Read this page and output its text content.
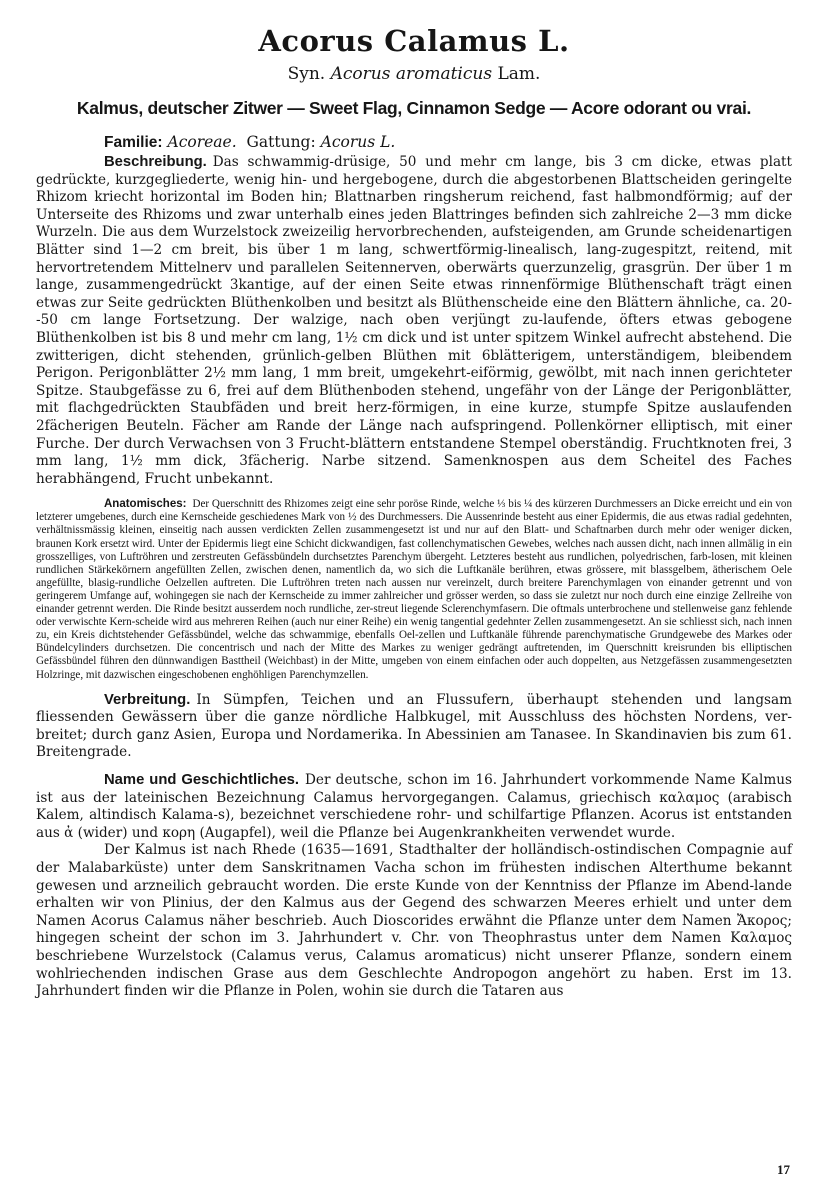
Acorus Calamus L.

Syn. Acorus aromaticus Lam.

Kalmus, deutscher Zitwer — Sweet Flag, Cinnamon Sedge — Acore odorant ou vrai.

Familie: Acoreae. Gattung: Acorus L.

Beschreibung. Das schwammig-drüsige, 50 und mehr cm lange, bis 3 cm dicke, etwas platt gedrückte, kurzgegliederte, wenig hin- und hergebogene, durch die abgestorbenen Blattscheiden geringelte Rhizom kriecht horizontal im Boden hin; Blattnarben ringsherum reichend, fast halbmondförmig; auf der Unterseite des Rhizoms und zwar unterhalb eines jeden Blattringes befinden sich zahlreiche 2—3 mm dicke Wurzeln. Die aus dem Wurzelstock zweizeilig hervorbrechenden, aufsteigenden, am Grunde scheidenartigen Blätter sind 1—2 cm breit, bis über 1 m lang, schwertförmig-linealisch, lang-zugespitzt, reitend, mit hervortretendem Mittelnerv und parallelen Seitennerven, oberwärts querzunzelig, grasgrün. Der über 1 m lange, zusammengedrückt 3kantige, auf der einen Seite etwas rinnenförmige Blüthenschaft trägt einen etwas zur Seite gedrückten Blüthenkolben und besitzt als Blüthenscheide eine den Blättern ähnliche, ca. 20--50 cm lange Fortsetzung. Der walzige, nach oben verjüngt zu-laufende, öfters etwas gebogene Blüthenkolben ist bis 8 und mehr cm lang, 1½ cm dick und ist unter spitzem Winkel aufrecht abstehend. Die zwitterigen, dicht stehenden, grünlich-gelben Blüthen mit 6blätterigem, unterständigem, bleibendem Perigon. Perigonblätter 2½ mm lang, 1 mm breit, umgekehrt-eiförmig, gewölbt, mit nach innen gerichteter Spitze. Staubgefässe zu 6, frei auf dem Blüthenboden stehend, ungefähr von der Länge der Perigonblätter, mit flachgedrückten Staubfäden und breit herz-förmigen, in eine kurze, stumpfe Spitze auslaufenden 2fächerigen Beuteln. Fächer am Rande der Länge nach aufspringend. Pollenkörner elliptisch, mit einer Furche. Der durch Verwachsen von 3 Frucht-blättern entstandene Stempel oberständig. Fruchtknoten frei, 3 mm lang, 1½ mm dick, 3fächerig. Narbe sitzend. Samenknospen aus dem Scheitel des Faches herabhängend, Frucht unbekannt.

Anatomisches: Der Querschnitt des Rhizomes zeigt eine sehr poröse Rinde, welche ⅓ bis ¼ des kürzeren Durchmessers an Dicke erreicht und ein von letzterer umgebenes, durch eine Kernscheide geschiedenes Mark von ½ des Durchmessers. Die Aussenrinde besteht aus einer Epidermis, die aus etwas radial gedehnten, verhältnissmässig kleinen, einseitig nach aussen verdickten Zellen zusammengesetzt ist und nur auf den Blatt- und Schaftnarben durch mehr oder weniger dicken, braunen Kork ersetzt wird. Unter der Epidermis liegt eine Schicht dickwandigen, fast collenchymatischen Gewebes, welches nach aussen dicht, nach innen allmälig in ein grosszelliges, von Luftröhren und zerstreuten Gefässbündeln durchsetztes Parenchym übergeht. Letzteres besteht aus rundlichen, polyedrischen, farb-losen, mit kleinen rundlichen Stärkekörnern angefüllten Zellen, zwischen denen, namentlich da, wo sich die Luftkanäle berühren, etwas grössere, mit blassgelbem, ätherischem Oele angefüllte, blasig-rundliche Oelzellen auftreten. Die Luftröhren treten nach aussen nur vereinzelt, durch breitere Parenchymlagen von einander getrennt und von geringerem Umfange auf, wohingegen sie nach der Kernscheide zu immer zahlreicher und grösser werden, so dass sie zuletzt nur noch durch eine einzige Zellreihe von einander getrennt werden. Die Rinde besitzt ausserdem noch rundliche, zer-streut liegende Sclerenchymfasern. Die oftmals unterbrochene und stellenweise ganz fehlende oder verwischte Kern-scheide wird aus mehreren Reihen (auch nur einer Reihe) ein wenig tangential gedehnter Zellen zusammengesetzt. An sie schliesst sich, nach innen zu, ein Kreis dichtstehender Gefässbündel, welche das schwammige, ebenfalls Oel-zellen und Luftkanäle führende parenchymatische Grundgewebe des Markes oder Bündelcylinders durchsetzen. Die concentrisch und nach der Mitte des Markes zu weniger gedrängt auftretenden, im Querschnitt kreisrunden bis elliptischen Gefässbündel führen den dünnwandigen Basttheil (Weichbast) in der Mitte, umgeben von einem einfachen oder auch doppelten, aus Netzgefässen zusammengesetzten Holzringe, mit dazwischen eingeschobenen enghöhligen Parenchymzellen.

Verbreitung. In Sümpfen, Teichen und an Flussufern, überhaupt stehenden und langsam fliessenden Gewässern über die ganze nördliche Halbkugel, mit Ausschluss des höchsten Nordens, ver-breitet; durch ganz Asien, Europa und Nordamerika. In Abessinien am Tanasee. In Skandinavien bis zum 61. Breitengrade.

Name und Geschichtliches. Der deutsche, schon im 16. Jahrhundert vorkommende Name Kalmus ist aus der lateinischen Bezeichnung Calamus hervorgegangen. Calamus, griechisch καλαμος (arabisch Kalem, altindisch Kalama-s), bezeichnet verschiedene rohr- und schilfartige Pflanzen. Acorus ist entstanden aus ἀ (wider) und κορη (Augapfel), weil die Pflanze bei Augenkrankheiten verwendet wurde.

Der Kalmus ist nach Rhede (1635—1691, Stadthalter der holländisch-ostindischen Compagnie auf der Malabarküste) unter dem Sanskritnamen Vacha schon im frühesten indischen Alterthume bekannt gewesen und arzneilich gebraucht worden. Die erste Kunde von der Kenntniss der Pflanze im Abend-lande erhalten wir von Plinius, der den Kalmus aus der Gegend des schwarzen Meeres erhielt und unter dem Namen Acorus Calamus näher beschrieb. Auch Dioscorides erwähnt die Pflanze unter dem Namen Ἄκορος; hingegen scheint der schon im 3. Jahrhundert v. Chr. von Theophrastus unter dem Namen Καλαμος beschriebene Wurzelstock (Calamus verus, Calamus aromaticus) nicht unserer Pflanze, sondern einem wohlriechenden indischen Grase aus dem Geschlechte Andropogon angehört zu haben. Erst im 13. Jahrhundert finden wir die Pflanze in Polen, wohin sie durch die Tataren aus

17
